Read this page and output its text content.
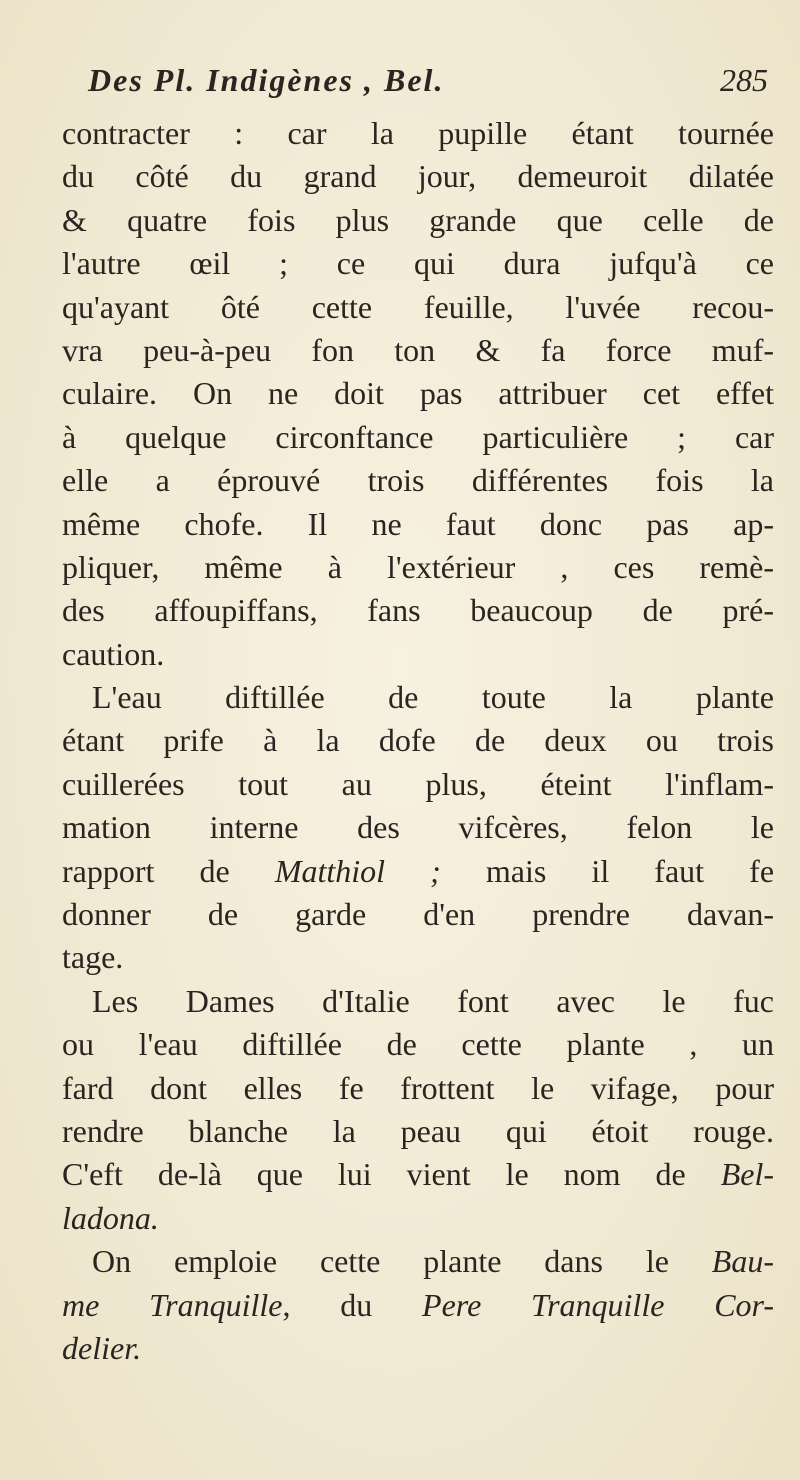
Des Pl. Indigènes , Bel.	285
contracter : car la pupille étant tournée
du côté du grand jour, demeuroit dilatée
& quatre fois plus grande que celle de
l'autre œil ; ce qui dura jufqu'à ce
qu'ayant ôté cette feuille, l'uvée recou-
vra peu-à-peu fon ton & fa force muf-
culaire. On ne doit pas attribuer cet effet
à quelque circonftance particulière ; car
elle a éprouvé trois différentes fois la
même chofe. Il ne faut donc pas ap-
pliquer, même à l'extérieur , ces remè-
des affoupiffans, fans beaucoup de pré-
caution.
L'eau diftillée de toute la plante
étant prife à la dofe de deux ou trois
cuillerées tout au plus, éteint l'inflam-
mation interne des vifcères, felon le
rapport de Matthiol ; mais il faut fe
donner de garde d'en prendre davan-
tage.
Les Dames d'Italie font avec le fuc
ou l'eau diftillée de cette plante , un
fard dont elles fe frottent le vifage, pour
rendre blanche la peau qui étoit rouge.
C'eft de-là que lui vient le nom de Bel-
ladona.
On emploie cette plante dans le Bau-
me Tranquille, du Pere Tranquille Cor-
delier.
